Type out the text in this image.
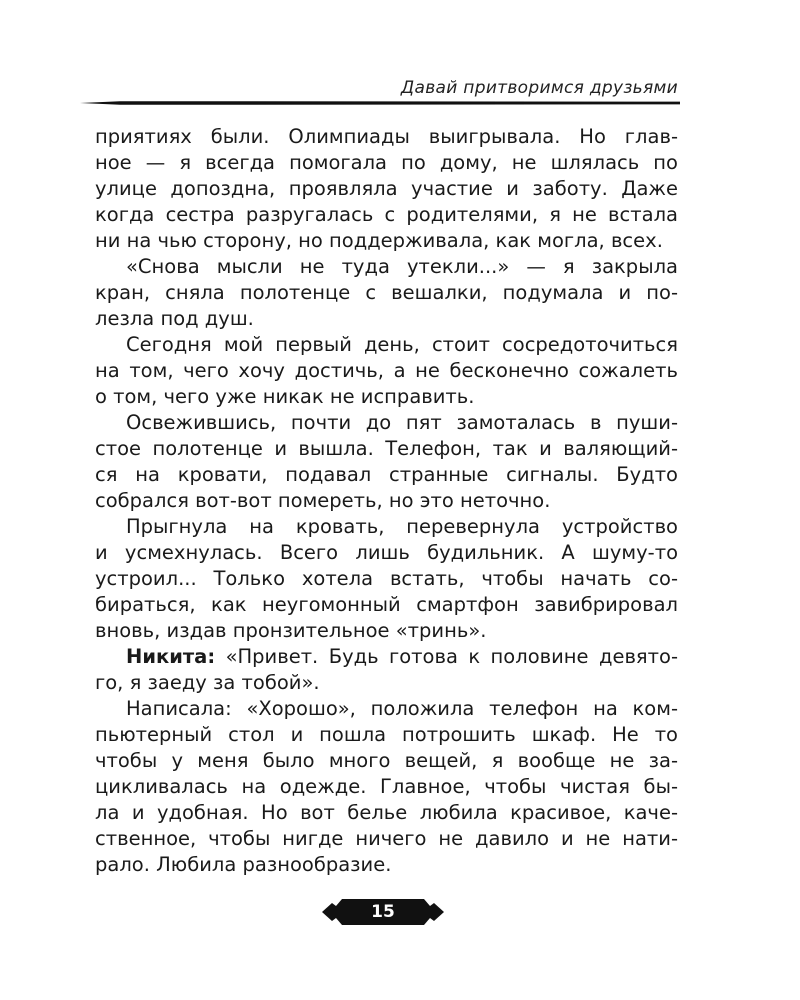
Давай притворимся друзьями

приятиях были. Олимпиады выигрывала. Но глав-
ное — я всегда помогала по дому, не шлялась по
улице допоздна, проявляла участие и заботу. Даже
когда сестра разругалась с родителями, я не встала
ни на чью сторону, но поддерживала, как могла, всех.

«Снова мысли не туда утекли...» — я закрыла
кран, сняла полотенце с вешалки, подумала и по-
лезла под душ.

Сегодня мой первый день, стоит сосредоточиться
на том, чего хочу достичь, а не бесконечно сожалеть
о том, чего уже никак не исправить.

Освежившись, почти до пят замоталась в пуши-
стое полотенце и вышла. Телефон, так и валяющий-
ся на кровати, подавал странные сигналы. Будто
собрался вот-вот помереть, но это неточно.

Прыгнула на кровать, перевернула устройство
и усмехнулась. Всего лишь будильник. А шуму-то
устроил... Только хотела встать, чтобы начать со-
бираться, как неугомонный смартфон завибрировал
вновь, издав пронзительное «тринь».

Никита: «Привет. Будь готова к половине девято-
го, я заеду за тобой».

Написала: «Хорошо», положила телефон на ком-
пьютерный стол и пошла потрошить шкаф. Не то
чтобы у меня было много вещей, я вообще не за-
цикливалась на одежде. Главное, чтобы чистая бы-
ла и удобная. Но вот белье любила красивое, каче-
ственное, чтобы нигде ничего не давило и не нати-
рало. Любила разнообразие.

15
